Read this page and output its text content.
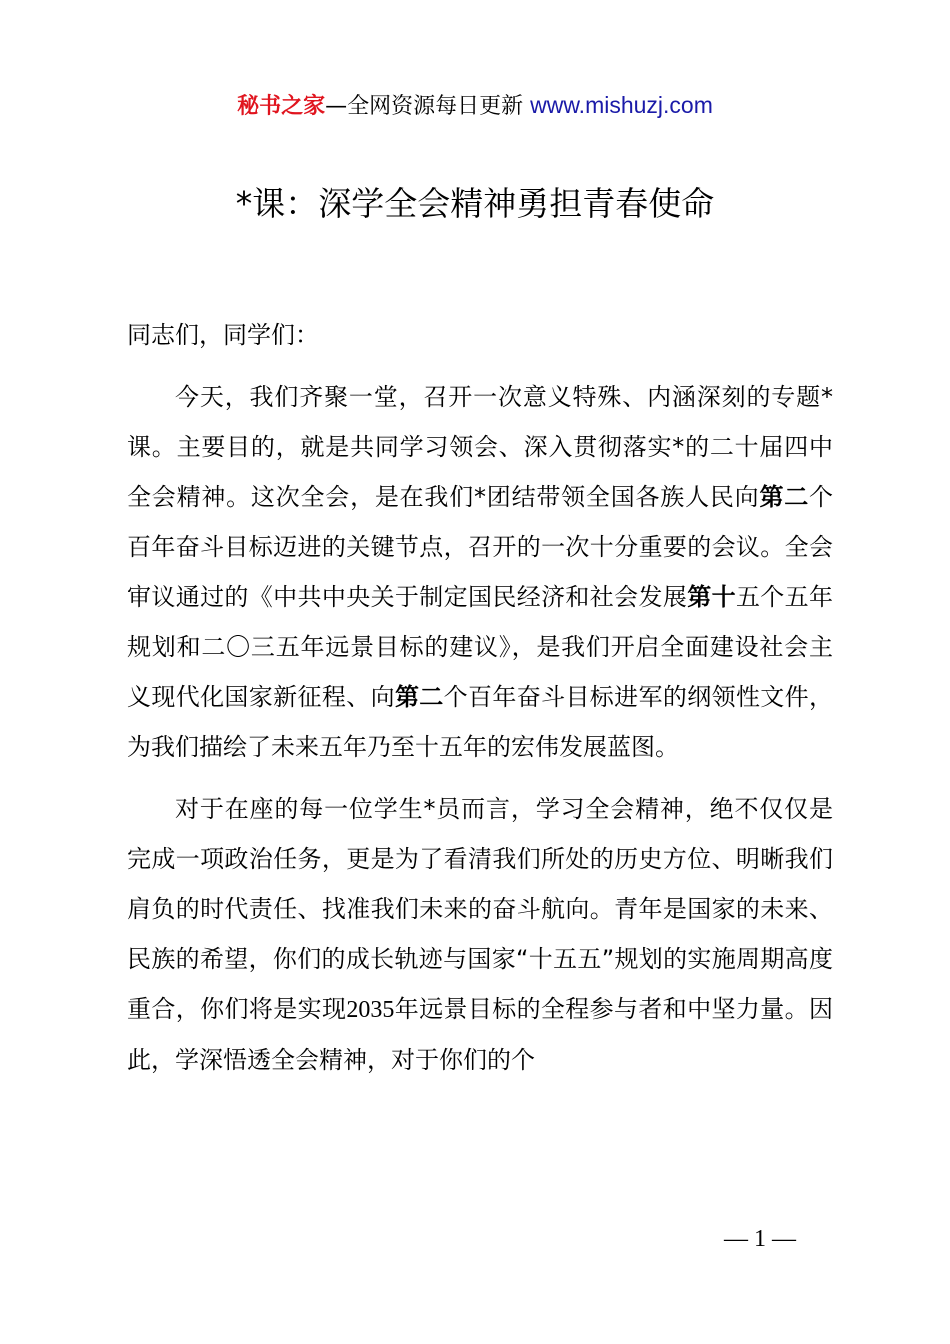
秘书之家—全网资源每日更新 www.mishuzj.com
*课：深学全会精神勇担青春使命

同志们，同学们：

今天，我们齐聚一堂，召开一次意义特殊、内涵深刻的专题*课。主要目的，就是共同学习领会、深入贯彻落实*的二十届四中全会精神。这次全会，是在我们*团结带领全国各族人民向第二个百年奋斗目标迈进的关键节点，召开的一次十分重要的会议。全会审议通过的《中共中央关于制定国民经济和社会发展第十五个五年规划和二〇三五年远景目标的建议》，是我们开启全面建设社会主义现代化国家新征程、向第二个百年奋斗目标进军的纲领性文件，为我们描绘了未来五年乃至十五年的宏伟发展蓝图。

对于在座的每一位学生*员而言，学习全会精神，绝不仅仅是完成一项政治任务，更是为了看清我们所处的历史方位、明晰我们肩负的时代责任、找准我们未来的奋斗航向。青年是国家的未来、民族的希望，你们的成长轨迹与国家“十五五”规划的实施周期高度重合，你们将是实现2035年远景目标的全程参与者和中坚力量。因此，学深悟透全会精神，对于你们的个

— 1 —
